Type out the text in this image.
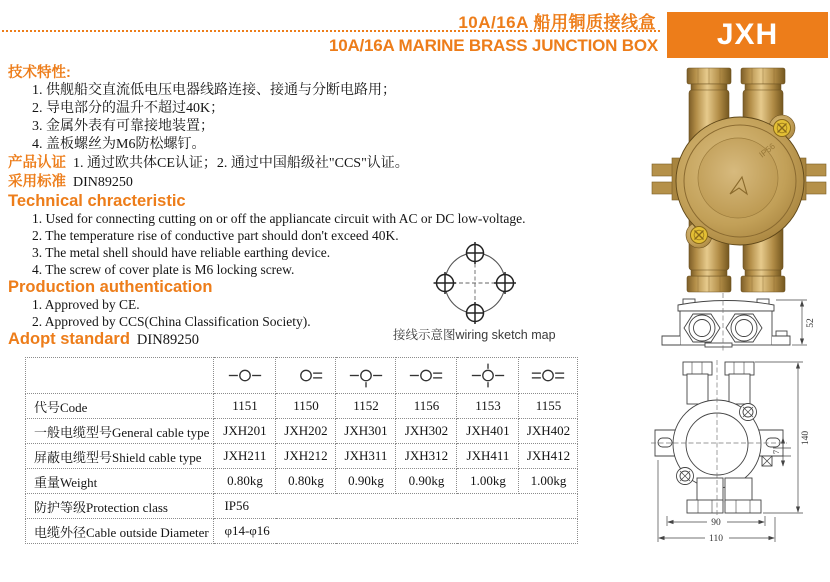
10A/16A 船用铜质接线盒
10A/16A MARINE BRASS JUNCTION BOX	JXH
技术特性:
1. 供舰船交直流低电压电器线路连接、接通与分断电路用；
2. 导电部分的温升不超过40K；
3. 金属外表有可靠接地装置；
4. 盖板螺丝为M6防松螺钉。
产品认证 1. 通过欧共体CE认证；2. 通过中国船级社"CCS"认证。
采用标准 DIN89250
Technical chracteristic
1. Used for connecting cutting on or off the appliancate circuit with AC or DC low-voltage.
2. The temperature rise of conductive part should don't exceed 40K.
3. The metal shell should have reliable earthing device.
4. The screw of cover plate is M6 locking screw.
Production authentication
1. Approved by CE.
2. Approved by CCS(China Classification Society).
Adopt standard DIN89250	接线示意图wiring sketch map
IP56
52
90
110
140
7

代号Code	1151	1150	1152	1156	1153	1155
一般电缆型号General cable type	JXH201	JXH202	JXH301	JXH302	JXH401	JXH402
屏蔽电缆型号Shield cable type	JXH211	JXH212	JXH311	JXH312	JXH411	JXH412
重量Weight	0.80kg	0.80kg	0.90kg	0.90kg	1.00kg	1.00kg
防护等级Protection class	IP56					
电缆外径Cable outside Diameter	φ14-φ16					
